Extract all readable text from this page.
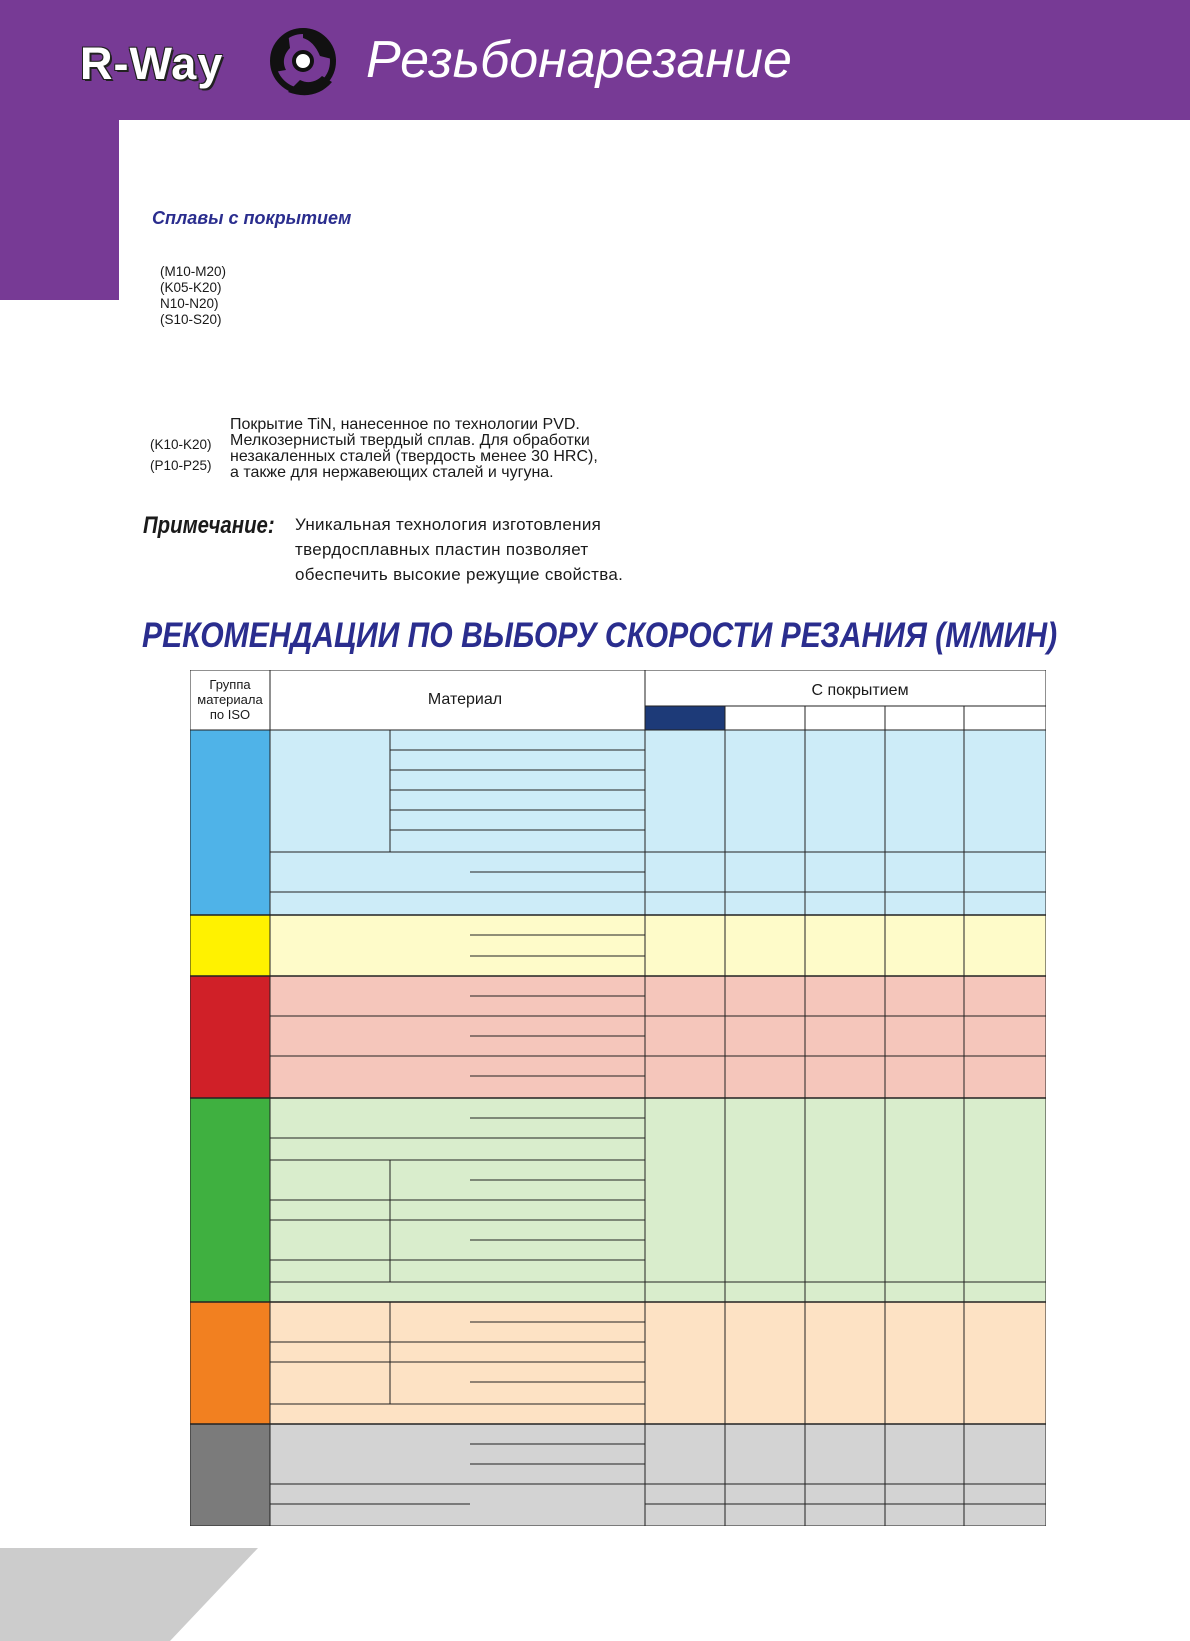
R-Way	Резьбонарезание
Сплавы с покрытием
(M10-M20)
(K05-K20)
N10-N20)
(S10-S20)
(K10-K20)
(P10-P25)
Покрытие TiN, нанесенное по технологии PVD.
Мелкозернистый твердый сплав. Для обработки
незакаленных сталей (твердость менее 30 HRC),
а также для нержавеющих сталей и чугуна.
Примечание: Уникальная технология изготовления
твердосплавных пластин позволяет
обеспечить высокие режущие свойства.
РЕКОМЕНДАЦИИ ПО ВЫБОРУ СКОРОСТИ РЕЗАНИЯ (М/МИН)
Группа
материала
по ISO
Материал
С покрытием
